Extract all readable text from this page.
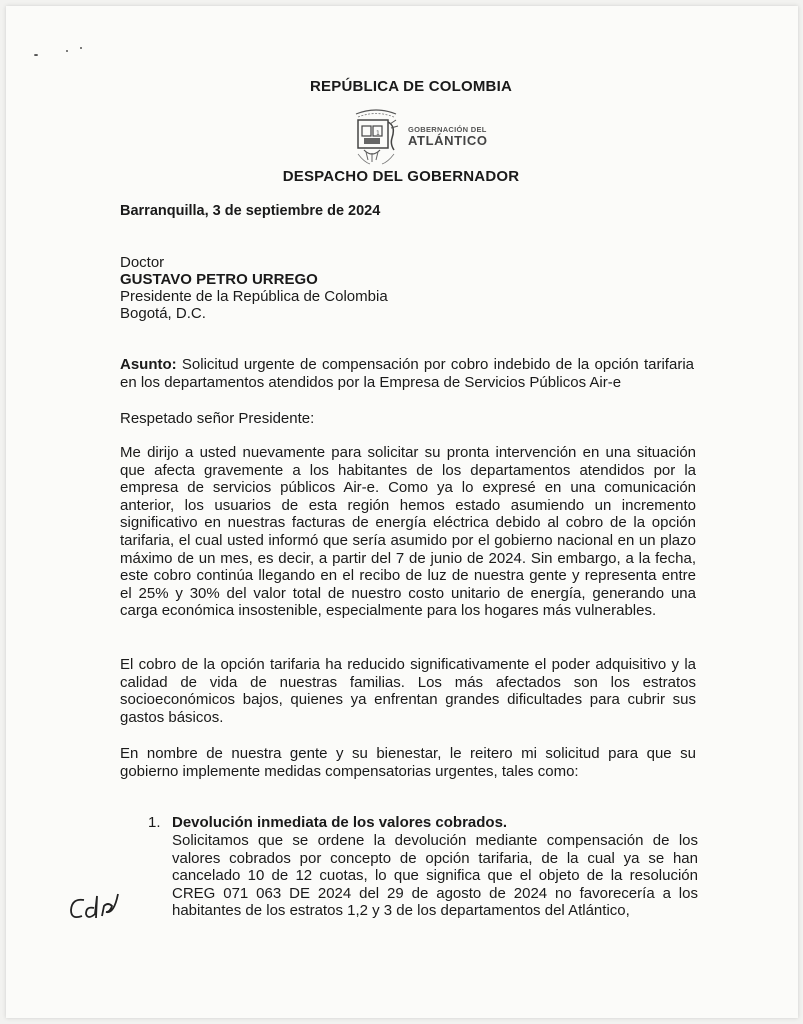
REPÚBLICA DE COLOMBIA
1	GOBERNACIÓN DEL
ATLÁNTICO
DESPACHO DEL GOBERNADOR
Barranquilla, 3 de septiembre de 2024
Doctor
GUSTAVO PETRO URREGO
Presidente de la República de Colombia
Bogotá, D.C.
Asunto: Solicitud urgente de compensación por cobro indebido de la opción tarifaria en los departamentos atendidos por la Empresa de Servicios Públicos Air-e
Respetado señor Presidente:
Me dirijo a usted nuevamente para solicitar su pronta intervención en una situación que afecta gravemente a los habitantes de los departamentos atendidos por la empresa de servicios públicos Air-e. Como ya lo expresé en una comunicación anterior, los usuarios de esta región hemos estado asumiendo un incremento significativo en nuestras facturas de energía eléctrica debido al cobro de la opción tarifaria, el cual usted informó que sería asumido por el gobierno nacional en un plazo máximo de un mes, es decir, a partir del 7 de junio de 2024. Sin embargo, a la fecha, este cobro continúa llegando en el recibo de luz de nuestra gente y representa entre el 25% y 30% del valor total de nuestro costo unitario de energía, generando una carga económica insostenible, especialmente para los hogares más vulnerables.
El cobro de la opción tarifaria ha reducido significativamente el poder adquisitivo y la calidad de vida de nuestras familias. Los más afectados son los estratos socioeconómicos bajos, quienes ya enfrentan grandes dificultades para cubrir sus gastos básicos.
En nombre de nuestra gente y su bienestar, le reitero mi solicitud para que su gobierno implemente medidas compensatorias urgentes, tales como:
1. Devolución inmediata de los valores cobrados.
Solicitamos que se ordene la devolución mediante compensación de los valores cobrados por concepto de opción tarifaria, de la cual ya se han cancelado 10 de 12 cuotas, lo que significa que el objeto de la resolución CREG 071 063 DE 2024 del 29 de agosto de 2024 no favorecería a los habitantes de los estratos 1,2 y 3 de los departamentos del Atlántico,
